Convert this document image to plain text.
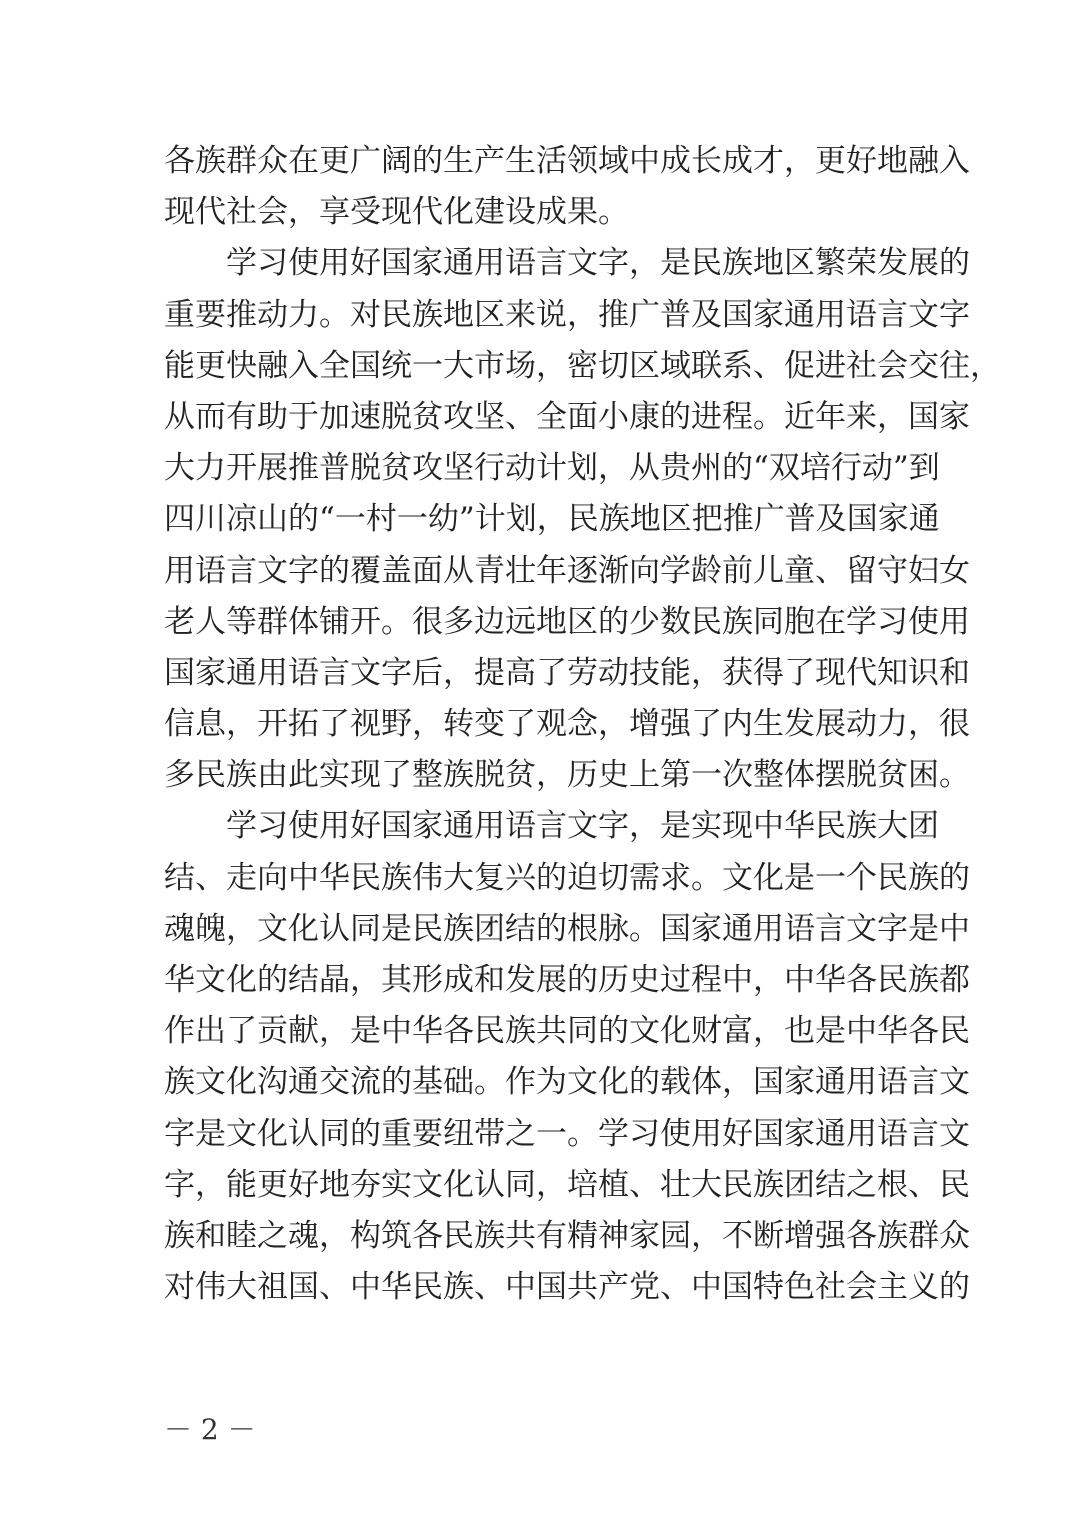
各族群众在更广阔的生产生活领域中成长成才，更好地融入
现代社会，享受现代化建设成果。
　　学习使用好国家通用语言文字，是民族地区繁荣发展的
重要推动力。对民族地区来说，推广普及国家通用语言文字
能更快融入全国统一大市场，密切区域联系、促进社会交往，
从而有助于加速脱贫攻坚、全面小康的进程。近年来，国家
大力开展推普脱贫攻坚行动计划，从贵州的“双培行动”到
四川凉山的“一村一幼”计划，民族地区把推广普及国家通
用语言文字的覆盖面从青壮年逐渐向学龄前儿童、留守妇女
老人等群体铺开。很多边远地区的少数民族同胞在学习使用
国家通用语言文字后，提高了劳动技能，获得了现代知识和
信息，开拓了视野，转变了观念，增强了内生发展动力，很
多民族由此实现了整族脱贫，历史上第一次整体摆脱贫困。
　　学习使用好国家通用语言文字，是实现中华民族大团
结、走向中华民族伟大复兴的迫切需求。文化是一个民族的
魂魄，文化认同是民族团结的根脉。国家通用语言文字是中
华文化的结晶，其形成和发展的历史过程中，中华各民族都
作出了贡献，是中华各民族共同的文化财富，也是中华各民
族文化沟通交流的基础。作为文化的载体，国家通用语言文
字是文化认同的重要纽带之一。学习使用好国家通用语言文
字，能更好地夯实文化认同，培植、壮大民族团结之根、民
族和睦之魂，构筑各民族共有精神家园，不断增强各族群众
对伟大祖国、中华民族、中国共产党、中国特色社会主义的
－ 2 －
